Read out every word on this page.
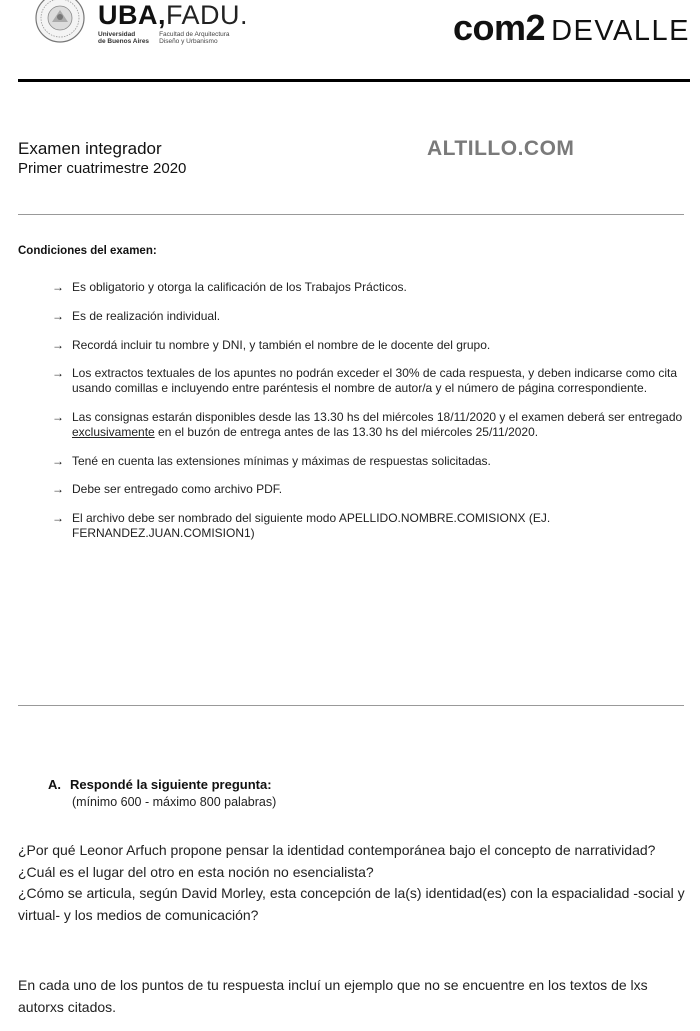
UBA,FADU.
Universidad
de Buenos Aires
Facultad de Arquitectura
Diseño y Urbanismo	com2 DEVALLE
Examen integrador
Primer cuatrimestre 2020
ALTILLO.COM
Condiciones del examen:
→ Es obligatorio y otorga la calificación de los Trabajos Prácticos.
→ Es de realización individual.
→ Recordá incluir tu nombre y DNI, y también el nombre de le docente del grupo.
→ Los extractos textuales de los apuntes no podrán exceder el 30% de cada respuesta, y deben indicarse como cita usando comillas e incluyendo entre paréntesis el nombre de autor/a y el número de página correspondiente.
→ Las consignas estarán disponibles desde las 13.30 hs del miércoles 18/11/2020 y el examen deberá ser entregado exclusivamente en el buzón de entrega antes de las 13.30 hs del miércoles 25/11/2020.
→ Tené en cuenta las extensiones mínimas y máximas de respuestas solicitadas.
→ Debe ser entregado como archivo PDF.
→ El archivo debe ser nombrado del siguiente modo APELLIDO.NOMBRE.COMISIONX (EJ. FERNANDEZ.JUAN.COMISION1)
A. Respondé la siguiente pregunta:
(mínimo 600 - máximo 800 palabras)

¿Por qué Leonor Arfuch propone pensar la identidad contemporánea bajo el concepto de narratividad?

¿Cuál es el lugar del otro en esta noción no esencialista?

¿Cómo se articula, según David Morley, esta concepción de la(s) identidad(es) con la espacialidad -social y virtual- y los medios de comunicación?

En cada uno de los puntos de tu respuesta incluí un ejemplo que no se encuentre en los textos de lxs autorxs citados.
